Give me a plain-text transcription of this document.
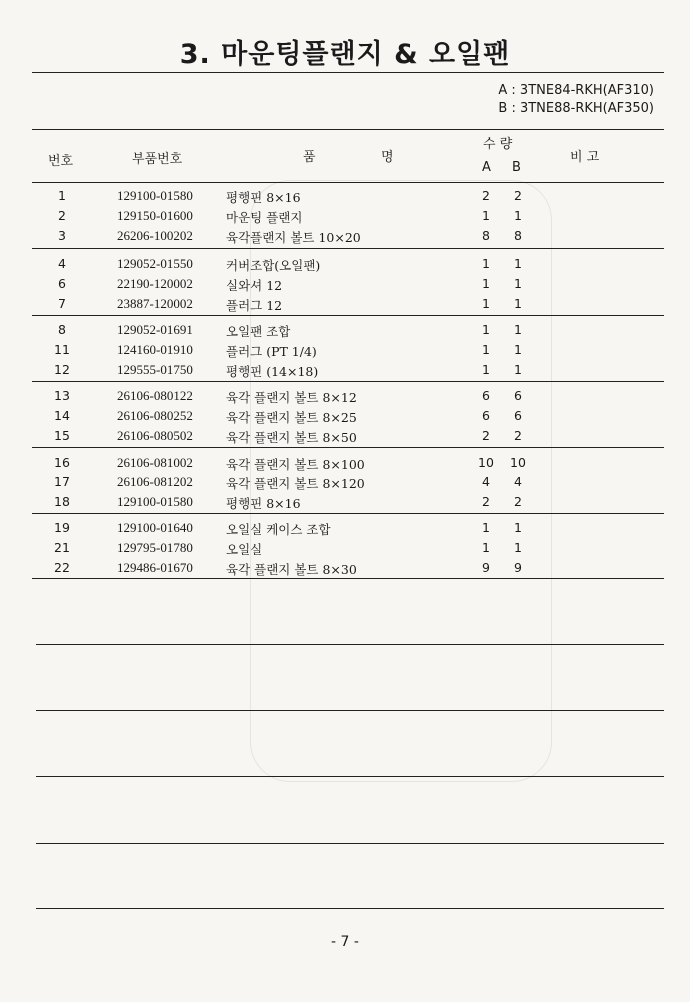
3. 마운팅플랜지 & 오일팬
A : 3TNE84-RKH(AF310)
B : 3TNE88-RKH(AF350)
번호	부품번호	품	명
수 량
A B
비 고
1	129100-01580	평행핀 8×16	2	2
2	129150-01600	마운팅 플랜지	1	1
3	26206-100202	육각플랜지 볼트 10×20	8	8
4	129052-01550	커버조합(오일팬)	1	1
6	22190-120002	실와셔 12	1	1
7	23887-120002	플러그 12	1	1
8	129052-01691	오일팬 조합	1	1
11	124160-01910	플러그 (PT 1/4)	1	1
12	129555-01750	평행핀 (14×18)	1	1
13	26106-080122	육각 플랜지 볼트 8×12	6	6
14	26106-080252	육각 플랜지 볼트 8×25	6	6
15	26106-080502	육각 플랜지 볼트 8×50	2	2
16	26106-081002	육각 플랜지 볼트 8×100	10 10
17	26106-081202	육각 플랜지 볼트 8×120	4	4
18	129100-01580	평행핀 8×16	2	2
19	129100-01640	오일실 케이스 조합	1	1
21	129795-01780	오일실	1	1
22	129486-01670	육각 플랜지 볼트 8×30	9	9
- 7 -
